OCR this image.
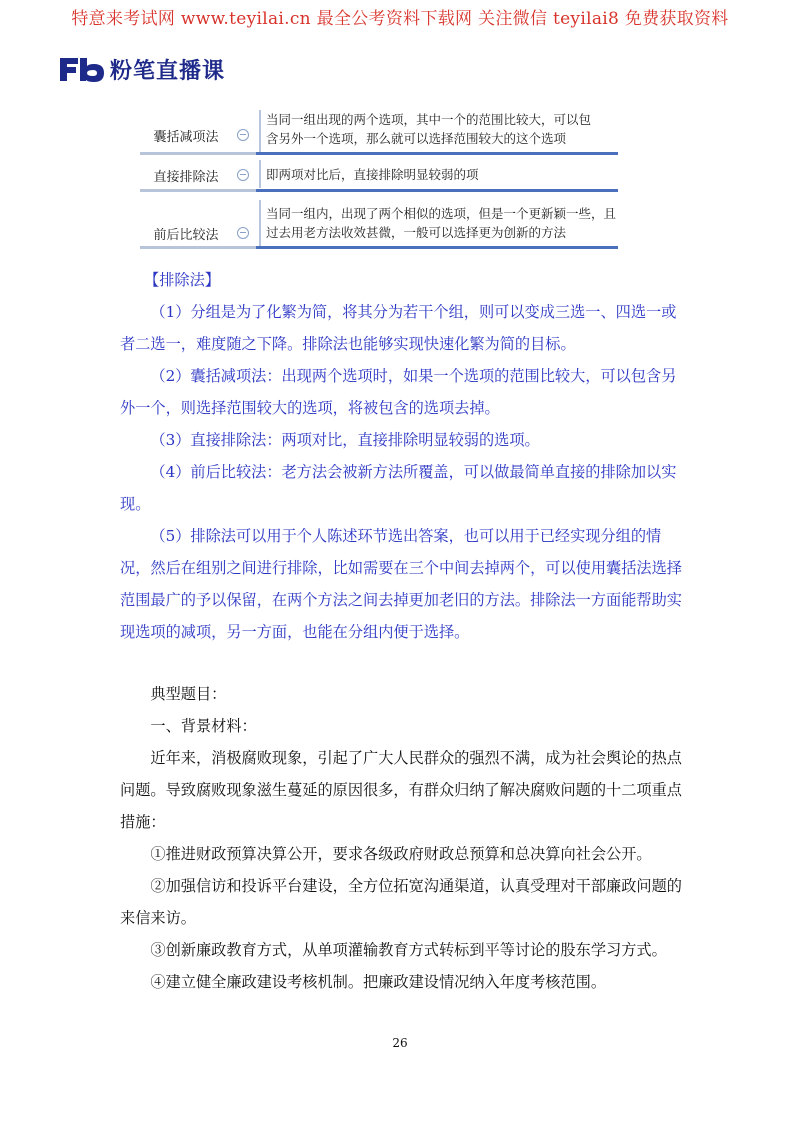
特意来考试网 www.teyilai.cn 最全公考资料下载网 关注微信 teyilai8 免费获取资料
粉笔直播课
囊括减项法
当同一组出现的两个选项，其中一个的范围比较大，可以包
含另外一个选项，那么就可以选择范围较大的这个选项
直接排除法	即两项对比后，直接排除明显较弱的项
前后比较法
当同一组内，出现了两个相似的选项，但是一个更新颖一些，且
过去用老方法收效甚微，一般可以选择更为创新的方法
【排除法】
（1）分组是为了化繁为简，将其分为若干个组，则可以变成三选一、四选一或者二选一，难度随之下降。排除法也能够实现快速化繁为简的目标。
（2）囊括减项法：出现两个选项时，如果一个选项的范围比较大，可以包含另外一个，则选择范围较大的选项，将被包含的选项去掉。
（3）直接排除法：两项对比，直接排除明显较弱的选项。
（4）前后比较法：老方法会被新方法所覆盖，可以做最简单直接的排除加以实现。
（5）排除法可以用于个人陈述环节选出答案，也可以用于已经实现分组的情况，然后在组别之间进行排除，比如需要在三个中间去掉两个，可以使用囊括法选择范围最广的予以保留，在两个方法之间去掉更加老旧的方法。排除法一方面能帮助实现选项的减项，另一方面，也能在分组内便于选择。
典型题目：
一、背景材料：
近年来，消极腐败现象，引起了广大人民群众的强烈不满，成为社会舆论的热点问题。导致腐败现象滋生蔓延的原因很多，有群众归纳了解决腐败问题的十二项重点措施：
①推进财政预算决算公开，要求各级政府财政总预算和总决算向社会公开。
②加强信访和投诉平台建设，全方位拓宽沟通渠道，认真受理对干部廉政问题的来信来访。
③创新廉政教育方式，从单项灌输教育方式转标到平等讨论的股东学习方式。
④建立健全廉政建设考核机制。把廉政建设情况纳入年度考核范围。
26
